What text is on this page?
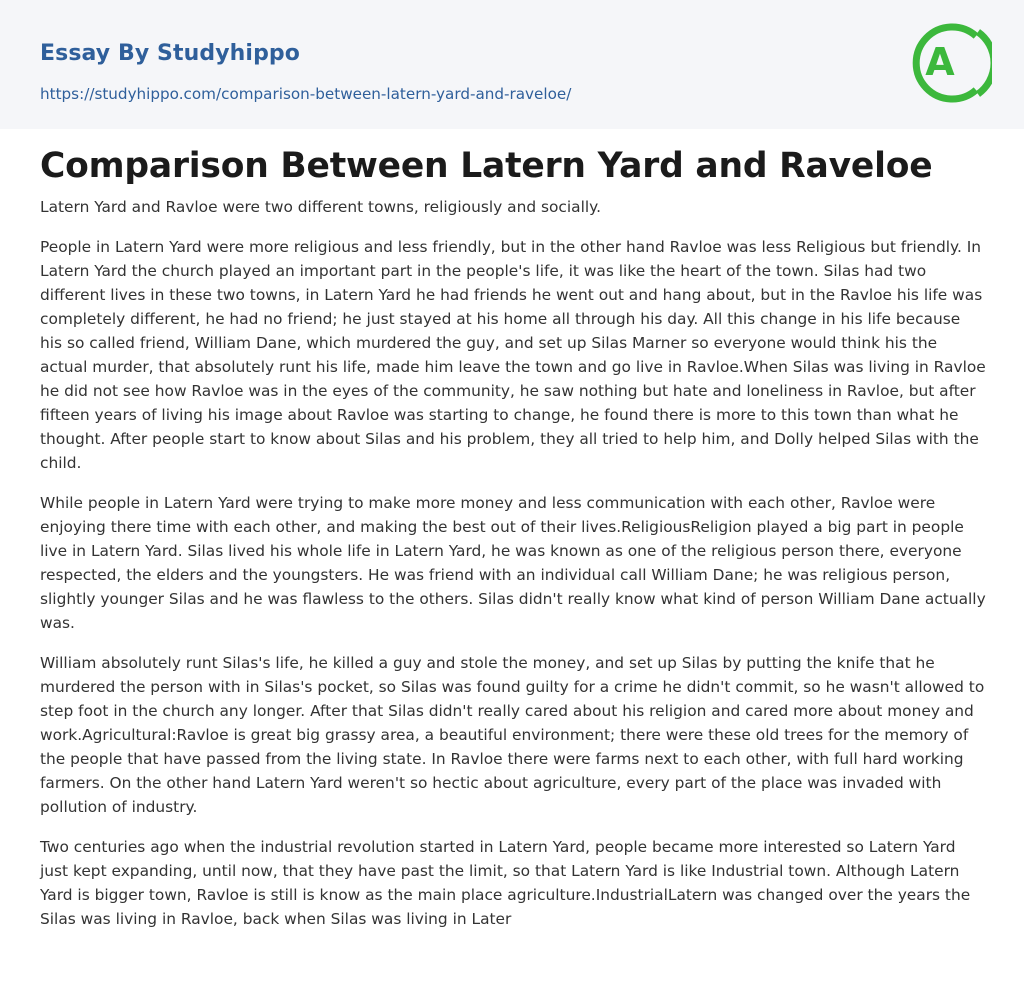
Essay By Studyhippo
https://studyhippo.com/comparison-between-latern-yard-and-raveloe/
A
Comparison Between Latern Yard and Raveloe

Latern Yard and Ravloe were two different towns, religiously and socially.

People in Latern Yard were more religious and less friendly, but in the other hand Ravloe was less Religious but friendly. In Latern Yard the church played an important part in the people's life, it was like the heart of the town. Silas had two different lives in these two towns, in Latern Yard he had friends he went out and hang about, but in the Ravloe his life was completely different, he had no friend; he just stayed at his home all through his day. All this change in his life because his so called friend, William Dane, which murdered the guy, and set up Silas Marner so everyone would think his the actual murder, that absolutely runt his life, made him leave the town and go live in Ravloe.When Silas was living in Ravloe he did not see how Ravloe was in the eyes of the community, he saw nothing but hate and loneliness in Ravloe, but after fifteen years of living his image about Ravloe was starting to change, he found there is more to this town than what he thought. After people start to know about Silas and his problem, they all tried to help him, and Dolly helped Silas with the child.

While people in Latern Yard were trying to make more money and less communication with each other, Ravloe were enjoying there time with each other, and making the best out of their lives.ReligiousReligion played a big part in people live in Latern Yard. Silas lived his whole life in Latern Yard, he was known as one of the religious person there, everyone respected, the elders and the youngsters. He was friend with an individual call William Dane; he was religious person, slightly younger Silas and he was flawless to the others. Silas didn't really know what kind of person William Dane actually was.

William absolutely runt Silas's life, he killed a guy and stole the money, and set up Silas by putting the knife that he murdered the person with in Silas's pocket, so Silas was found guilty for a crime he didn't commit, so he wasn't allowed to step foot in the church any longer. After that Silas didn't really cared about his religion and cared more about money and work.Agricultural:Ravloe is great big grassy area, a beautiful environment; there were these old trees for the memory of the people that have passed from the living state. In Ravloe there were farms next to each other, with full hard working farmers. On the other hand Latern Yard weren't so hectic about agriculture, every part of the place was invaded with pollution of industry.

Two centuries ago when the industrial revolution started in Latern Yard, people became more interested so Latern Yard just kept expanding, until now, that they have past the limit, so that Latern Yard is like Industrial town. Although Latern Yard is bigger town, Ravloe is still is know as the main place agriculture.IndustrialLatern was changed over the years the Silas was living in Ravloe, back when Silas was living in Later
